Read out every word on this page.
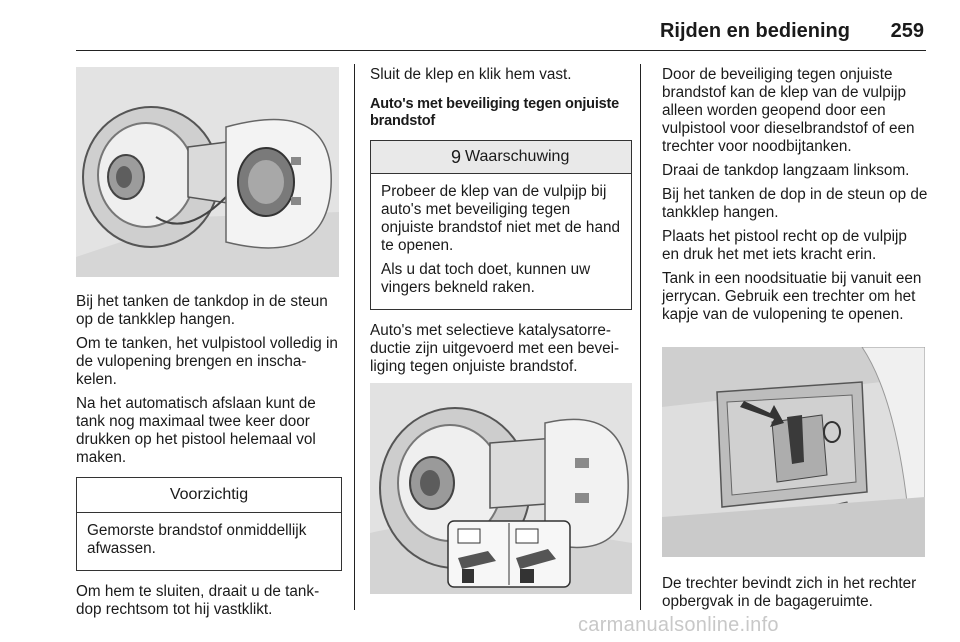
Rijden en bediening	259

Bij het tanken de tankdop in de steun op de tankklep hangen.

Om te tanken, het vulpistool volledig in de vulopening brengen en inscha-kelen.

Na het automatisch afslaan kunt de tank nog maximaal twee keer door drukken op het pistool helemaal vol maken.

Voorzichtig

Gemorste brandstof onmiddellijk afwassen.

Om hem te sluiten, draait u de tank-dop rechtsom tot hij vastklikt.

Sluit de klep en klik hem vast.

Auto's met beveiliging tegen onjuiste brandstof
9 Waarschuwing

Probeer de klep van de vulpijp bij auto's met beveiliging tegen onjuiste brandstof niet met de hand te openen.

Als u dat toch doet, kunnen uw vingers bekneld raken.

Auto's met selectieve katalysatorre-ductie zijn uitgevoerd met een bevei-liging tegen onjuiste brandstof.

Door de beveiliging tegen onjuiste brandstof kan de klep van de vulpijp alleen worden geopend door een vulpistool voor dieselbrandstof of een trechter voor noodbijtanken.

Draai de tankdop langzaam linksom.

Bij het tanken de dop in de steun op de tankklep hangen.

Plaats het pistool recht op de vulpijp en druk het met iets kracht erin.

Tank in een noodsituatie bij vanuit een jerrycan. Gebruik een trechter om het kapje van de vulopening te openen.

De trechter bevindt zich in het rechter opbergvak in de bagageruimte.

carmanualsonline.info
